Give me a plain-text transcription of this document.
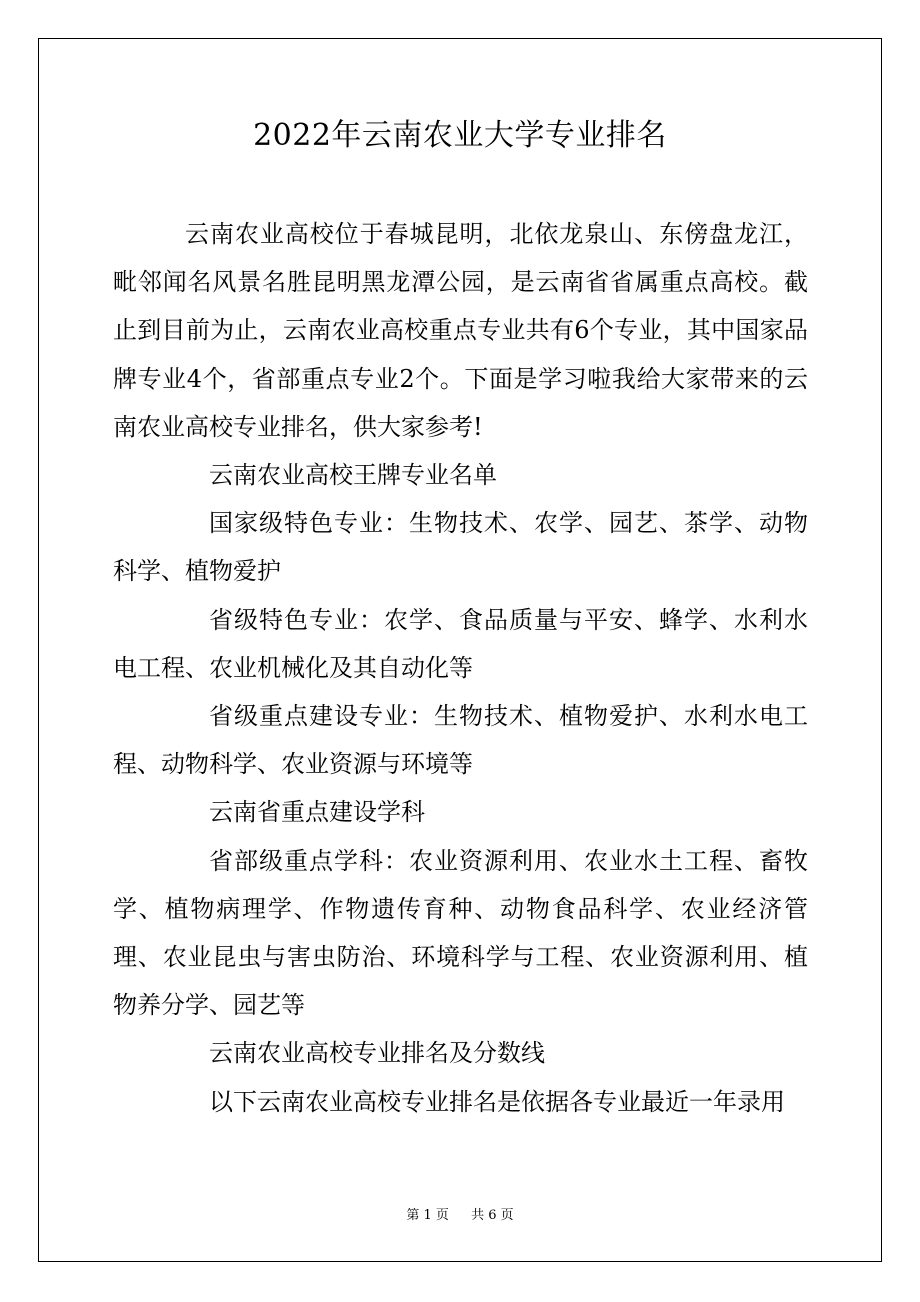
2022年云南农业大学专业排名

云南农业高校位于春城昆明，北依龙泉山、东傍盘龙江，毗邻闻名风景名胜昆明黑龙潭公园，是云南省省属重点高校。截止到目前为止，云南农业高校重点专业共有6个专业，其中国家品牌专业4个，省部重点专业2个。下面是学习啦我给大家带来的云南农业高校专业排名，供大家参考!

云南农业高校王牌专业名单

国家级特色专业：生物技术、农学、园艺、茶学、动物科学、植物爱护

省级特色专业：农学、食品质量与平安、蜂学、水利水电工程、农业机械化及其自动化等

省级重点建设专业：生物技术、植物爱护、水利水电工程、动物科学、农业资源与环境等

云南省重点建设学科

省部级重点学科：农业资源利用、农业水土工程、畜牧学、植物病理学、作物遗传育种、动物食品科学、农业经济管理、农业昆虫与害虫防治、环境科学与工程、农业资源利用、植物养分学、园艺等

云南农业高校专业排名及分数线

以下云南农业高校专业排名是依据各专业最近一年录用

第 1 页 共 6 页
